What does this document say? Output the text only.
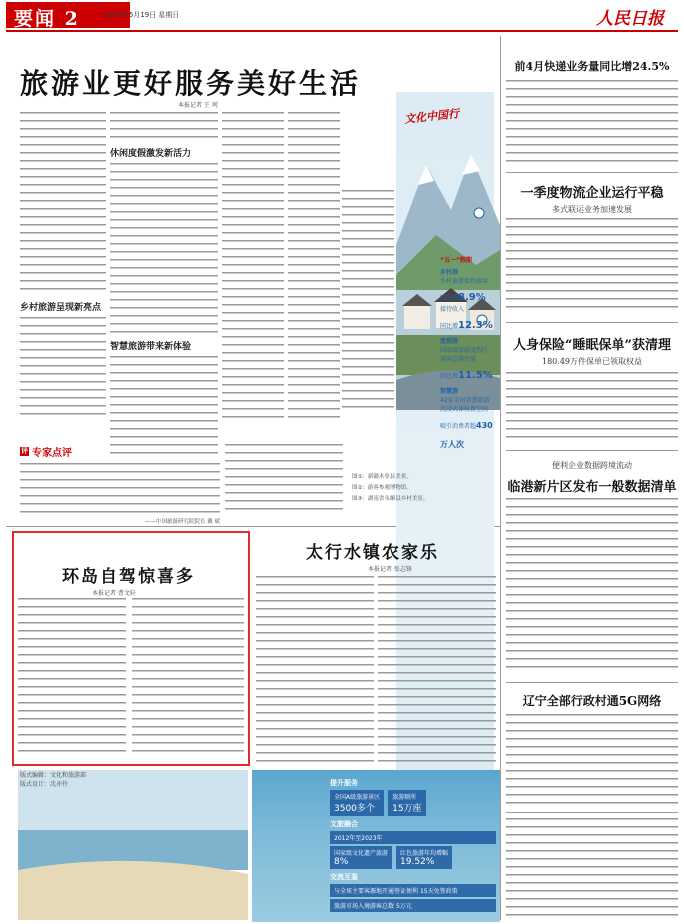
要闻 2	2024年5月19日 星期日	人民日报
旅游业更好服务美好生活
本报记者 王 珂
乡村旅游呈现新亮点
休闲度假激发新活力
智慧旅游带来新体验
评 专家点评
——中国旅游研究院院长 戴 斌
文化中国行
“五一”假期
乡村游
乡村旅游接待游客
同比增8.9%
接待收入
同比增12.3%
度假游
国家级旅游度假区
游客总接待量
同比增11.5%
智慧游
42家全国智慧旅游
沉浸式体验新空间
吸引消费者超430万人次
图①：新疆木垒县美景。
图②：游客参观博物馆。
图③：湖南省永顺县乡村美景。
环岛自驾惊喜多
本报记者 曹文轩
太行水镇农家乐
本报记者 张志锋
版式编辑：文化和旅游部
版式设计：沈亦伶	提升服务
全国A级旅游景区
3500多个
旅游厕所
15万座
文旅融合
2012年至2023年
国家级文化遗产旅游
8%
红色旅游年均增幅
19.52%
交流互鉴
与全球主要客源地开通签证便利 15天免签政策
旅游市场入境游客总数 5万元
前4月快递业务量同比增24.5%
一季度物流企业运行平稳
多式联运业务加速发展
人身保险“睡眠保单”获清理
180.49万件保单已领取权益
便利企业数据跨境流动
临港新片区发布一般数据清单
辽宁全部行政村通5G网络
